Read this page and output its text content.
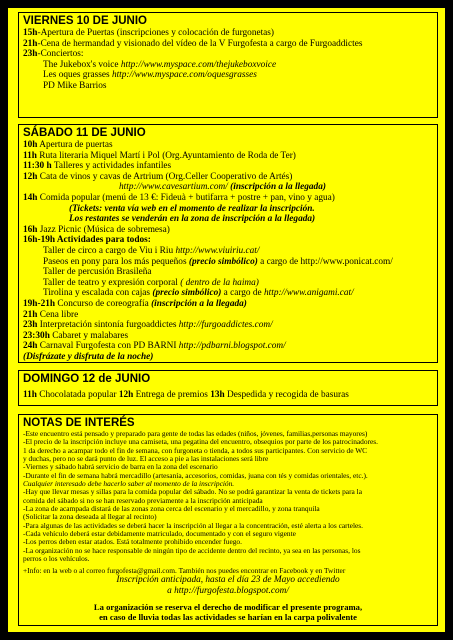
VIERNES 10 DE JUNIO
15h-Apertura de Puertas (inscripciones y colocación de furgonetas)
21h-Cena de hermandad y visionado del vídeo de la V Furgofesta a cargo de Furgoaddictes
23h-Conciertos:
The Jukebox's voice http://www.myspace.com/thejukeboxvoice
Les oques grasses http://www.myspace.com/oquesgrasses
PD Mike Barrios
SÁBADO 11 DE JUNIO
10h Apertura de puertas
11h Ruta literaria Miquel Martí i Pol (Org.Ayuntamiento de Roda de Ter)
11:30 h Talleres y actividades infantiles
12h Cata de vinos y cavas de Artrium (Org.Celler Cooperativo de Artés)
http://www.cavesartium.com/ (inscripción a la llegada)
14h Comida popular (menú de 13 €: Fideuà + butifarra + postre + pan, vino y agua)
(Tickets: venta vía web en el momento de realizar la inscripción.
Los restantes se venderán en la zona de inscripción a la llegada)
16h Jazz Picnic (Música de sobremesa)
16h-19h Actividades para todos:
Taller de circo a cargo de Viu i Riu http://www.viuiriu.cat/
Paseos en pony para los más pequeños (precio simbólico) a cargo de http://www.ponicat.com/
Taller de percusión Brasileña
Taller de teatro y expresión corporal ( dentro de la haima)
Tirolina y escalada con cajas (precio simbólico) a cargo de http://www.anigami.cat/
19h-21h Concurso de coreografía (inscripción a la llegada)
21h Cena libre
23h Interpretación sintonía furgoaddictes http://furgoaddictes.com/
23:30h Cabaret y malabares
24h Carnaval Furgofesta con PD BARNI http://pdbarni.blogspot.com/
(Disfrázate y disfruta de la noche)
DOMINGO 12 de JUNIO
11h Chocolatada popular 12h Entrega de premios 13h Despedida y recogida de basuras
NOTAS DE INTERÉS
-Este encuentro está pensado y preparado para gente de todas las edades (niños, jóvenes, familias,personas mayores)
-El precio de la inscripción incluye una camiseta, una pegatina del encuentro, obsequios por parte de los patrocinadores.
1 da derecho a acampar todo el fin de semana, con furgoneta o tienda, a todos sus participantes. Con servicio de WC
y duchas, pero no se dará punto de luz. El acceso a pie a las instalaciones será libre
-Viernes y sábado habrá servicio de barra en la zona del escenario
-Durante el fin de semana habrá mercadillo (artesanía, accesorios, comidas, juana con tés y comidas orientales, etc.).
Cualquier interesado debe hacerlo saber al momento de la inscripción.
-Hay que llevar mesas y sillas para la comida popular del sábado. No se podrá garantizar la venta de tickets para la
comida del sábado si no se han reservado previamente a la inscripción anticipada
-La zona de acampada distará de las zonas zona cerca del escenario y el mercadillo, y zona tranquila
(Solicitar la zona deseada al llegar al recinto)
-Para algunas de las actividades se deberá hacer la inscripción al llegar a la concentración, esté alerta a los carteles.
-Cada vehículo deberá estar debidamente matriculado, documentado y con el seguro vigente
-Los perros deben estar atados. Está totalmente prohibido encender fuego.
-La organización no se hace responsable de ningún tipo de accidente dentro del recinto, ya sea en las personas, los
perros o los vehículos.
+Info: en la web o al correo furgofesta@gmail.com. También nos puedes encontrar en Facebook y en Twitter
Inscripción anticipada, hasta el día 23 de Mayo accediendo
a http://furgofesta.blogspot.com/
La organización se reserva el derecho de modificar el presente programa,
en caso de lluvia todas las actividades se harían en la carpa polivalente
